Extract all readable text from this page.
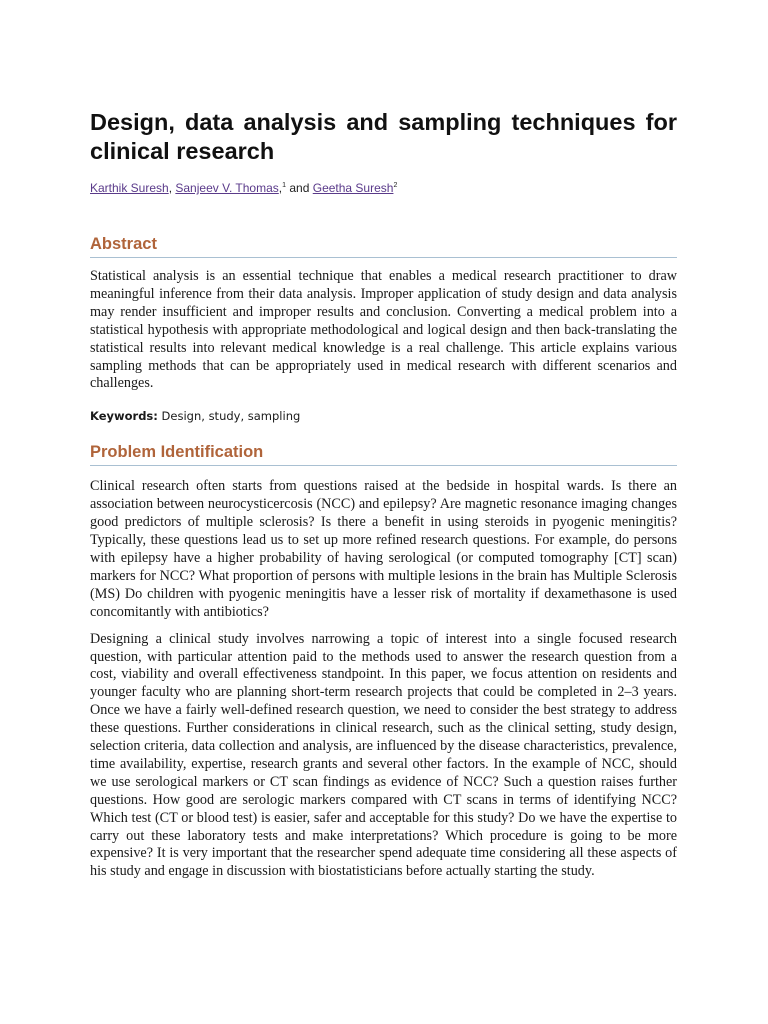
Design, data analysis and sampling techniques for clinical research
Karthik Suresh, Sanjeev V. Thomas,$^1$ and Geetha Suresh$^2$
Abstract

Statistical analysis is an essential technique that enables a medical research practitioner to draw meaningful inference from their data analysis. Improper application of study design and data analysis may render insufficient and improper results and conclusion. Converting a medical problem into a statistical hypothesis with appropriate methodological and logical design and then back-translating the statistical results into relevant medical knowledge is a real challenge. This article explains various sampling methods that can be appropriately used in medical research with different scenarios and challenges.

Keywords: Design, study, sampling
Problem Identification

Clinical research often starts from questions raised at the bedside in hospital wards. Is there an association between neurocysticercosis (NCC) and epilepsy? Are magnetic resonance imaging changes good predictors of multiple sclerosis? Is there a benefit in using steroids in pyogenic meningitis? Typically, these questions lead us to set up more refined research questions. For example, do persons with epilepsy have a higher probability of having serological (or computed tomography [CT] scan) markers for NCC? What proportion of persons with multiple lesions in the brain has Multiple Sclerosis (MS) Do children with pyogenic meningitis have a lesser risk of mortality if dexamethasone is used concomitantly with antibiotics?

Designing a clinical study involves narrowing a topic of interest into a single focused research question, with particular attention paid to the methods used to answer the research question from a cost, viability and overall effectiveness standpoint. In this paper, we focus attention on residents and younger faculty who are planning short-term research projects that could be completed in 2–3 years. Once we have a fairly well-defined research question, we need to consider the best strategy to address these questions. Further considerations in clinical research, such as the clinical setting, study design, selection criteria, data collection and analysis, are influenced by the disease characteristics, prevalence, time availability, expertise, research grants and several other factors. In the example of NCC, should we use serological markers or CT scan findings as evidence of NCC? Such a question raises further questions. How good are serologic markers compared with CT scans in terms of identifying NCC? Which test (CT or blood test) is easier, safer and acceptable for this study? Do we have the expertise to carry out these laboratory tests and make interpretations? Which procedure is going to be more expensive? It is very important that the researcher spend adequate time considering all these aspects of his study and engage in discussion with biostatisticians before actually starting the study.
